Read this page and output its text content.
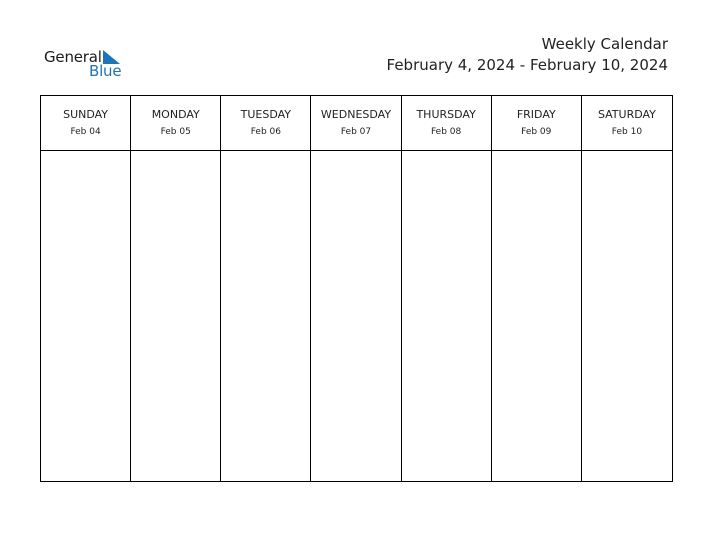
General
Blue
Weekly Calendar
February 4, 2024 - February 10, 2024
SUNDAY
Feb 04
MONDAY
Feb 05
TUESDAY
Feb 06
WEDNESDAY
Feb 07
THURSDAY
Feb 08
FRIDAY
Feb 09
SATURDAY
Feb 10
